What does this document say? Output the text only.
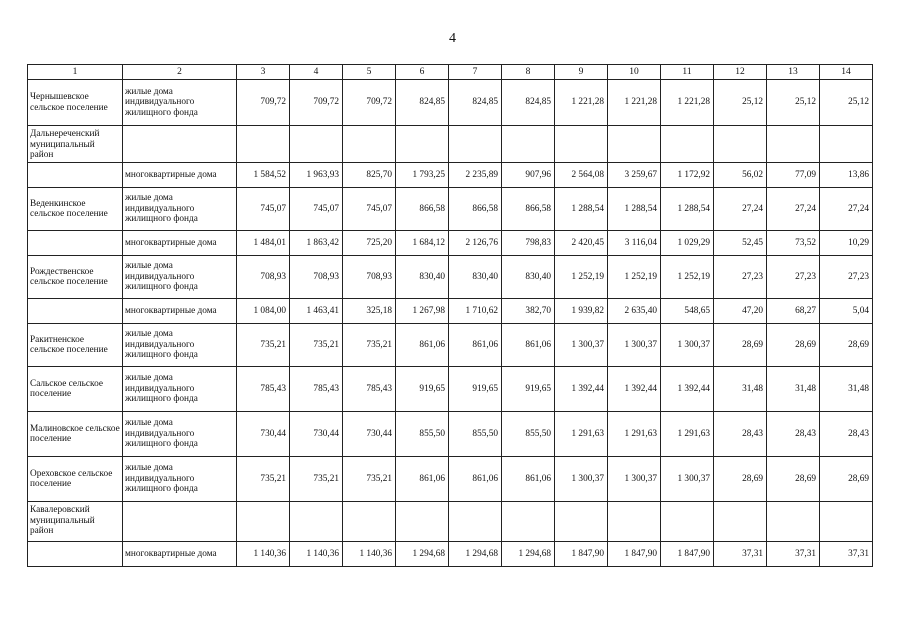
4
1	2	3	4	5	6	7	8	9	10	11	12	13	14
Чернышевское сельское поселение	жилые дома индивидуального жилищного фонда	709,72	709,72	709,72	824,85	824,85	824,85	1 221,28	1 221,28	1 221,28	25,12	25,12	25,12
Дальнереченский муниципальный район													
	многоквартирные дома	1 584,52	1 963,93	825,70	1 793,25	2 235,89	907,96	2 564,08	3 259,67	1 172,92	56,02	77,09	13,86
Веденкинское сельское поселение	жилые дома индивидуального жилищного фонда	745,07	745,07	745,07	866,58	866,58	866,58	1 288,54	1 288,54	1 288,54	27,24	27,24	27,24
	многоквартирные дома	1 484,01	1 863,42	725,20	1 684,12	2 126,76	798,83	2 420,45	3 116,04	1 029,29	52,45	73,52	10,29
Рождественское сельское поселение	жилые дома индивидуального жилищного фонда	708,93	708,93	708,93	830,40	830,40	830,40	1 252,19	1 252,19	1 252,19	27,23	27,23	27,23
	многоквартирные дома	1 084,00	1 463,41	325,18	1 267,98	1 710,62	382,70	1 939,82	2 635,40	548,65	47,20	68,27	5,04
Ракитненское сельское поселение	жилые дома индивидуального жилищного фонда	735,21	735,21	735,21	861,06	861,06	861,06	1 300,37	1 300,37	1 300,37	28,69	28,69	28,69
Сальское сельское поселение	жилые дома индивидуального жилищного фонда	785,43	785,43	785,43	919,65	919,65	919,65	1 392,44	1 392,44	1 392,44	31,48	31,48	31,48
Малиновское сельское поселение	жилые дома индивидуального жилищного фонда	730,44	730,44	730,44	855,50	855,50	855,50	1 291,63	1 291,63	1 291,63	28,43	28,43	28,43
Ореховское сельское поселение	жилые дома индивидуального жилищного фонда	735,21	735,21	735,21	861,06	861,06	861,06	1 300,37	1 300,37	1 300,37	28,69	28,69	28,69
Кавалеровский муниципальный район													
	многоквартирные дома	1 140,36	1 140,36	1 140,36	1 294,68	1 294,68	1 294,68	1 847,90	1 847,90	1 847,90	37,31	37,31	37,31
